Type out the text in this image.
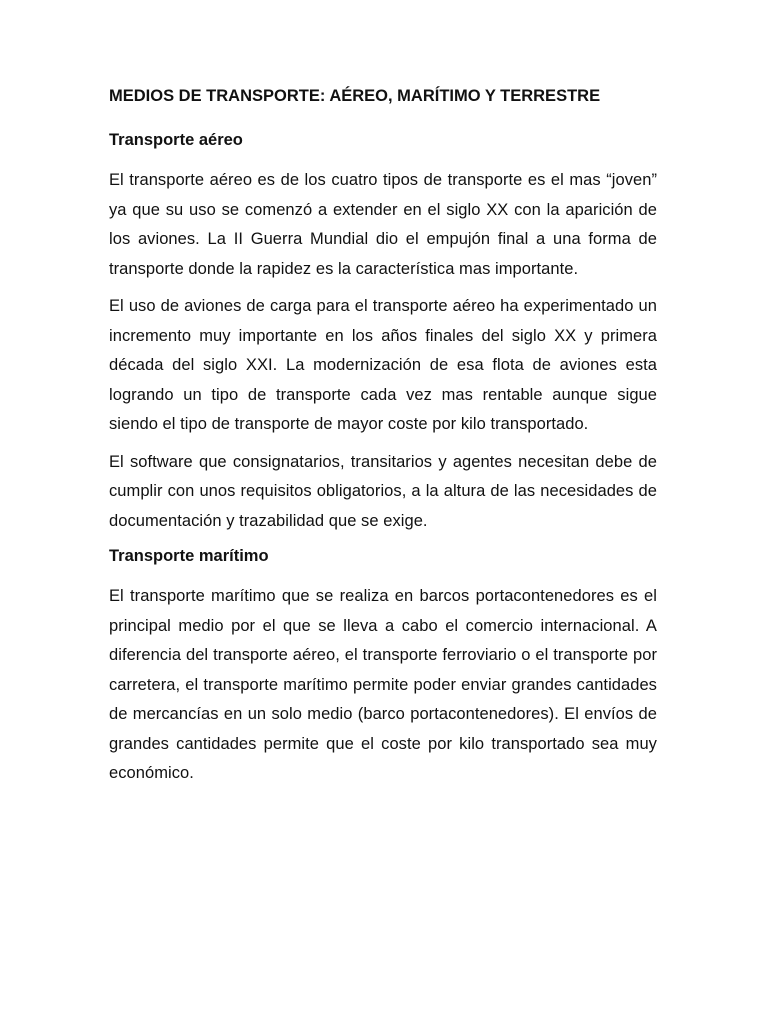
MEDIOS DE TRANSPORTE: AÉREO, MARÍTIMO Y TERRESTRE
Transporte aéreo

El transporte aéreo es de los cuatro tipos de transporte es el mas “joven” ya que su uso se comenzó a extender en el siglo XX con la aparición de los aviones. La II Guerra Mundial dio el empujón final a una forma de transporte donde la rapidez es la característica mas importante.

El uso de aviones de carga para el transporte aéreo ha experimentado un incremento muy importante en los años finales del siglo XX y primera década del siglo XXI. La modernización de esa flota de aviones esta logrando un tipo de transporte cada vez mas rentable aunque sigue siendo el tipo de transporte de mayor coste por kilo transportado.

El software que consignatarios, transitarios y agentes necesitan debe de cumplir con unos requisitos obligatorios, a la altura de las necesidades de documentación y trazabilidad que se exige.

Transporte marítimo

El transporte marítimo que se realiza en barcos portacontenedores es el principal medio por el que se lleva a cabo el comercio internacional. A diferencia del transporte aéreo, el transporte ferroviario o el transporte por carretera, el transporte marítimo permite poder enviar grandes cantidades de mercancías en un solo medio (barco portacontenedores). El envíos de grandes cantidades permite que el coste por kilo transportado sea muy económico.
